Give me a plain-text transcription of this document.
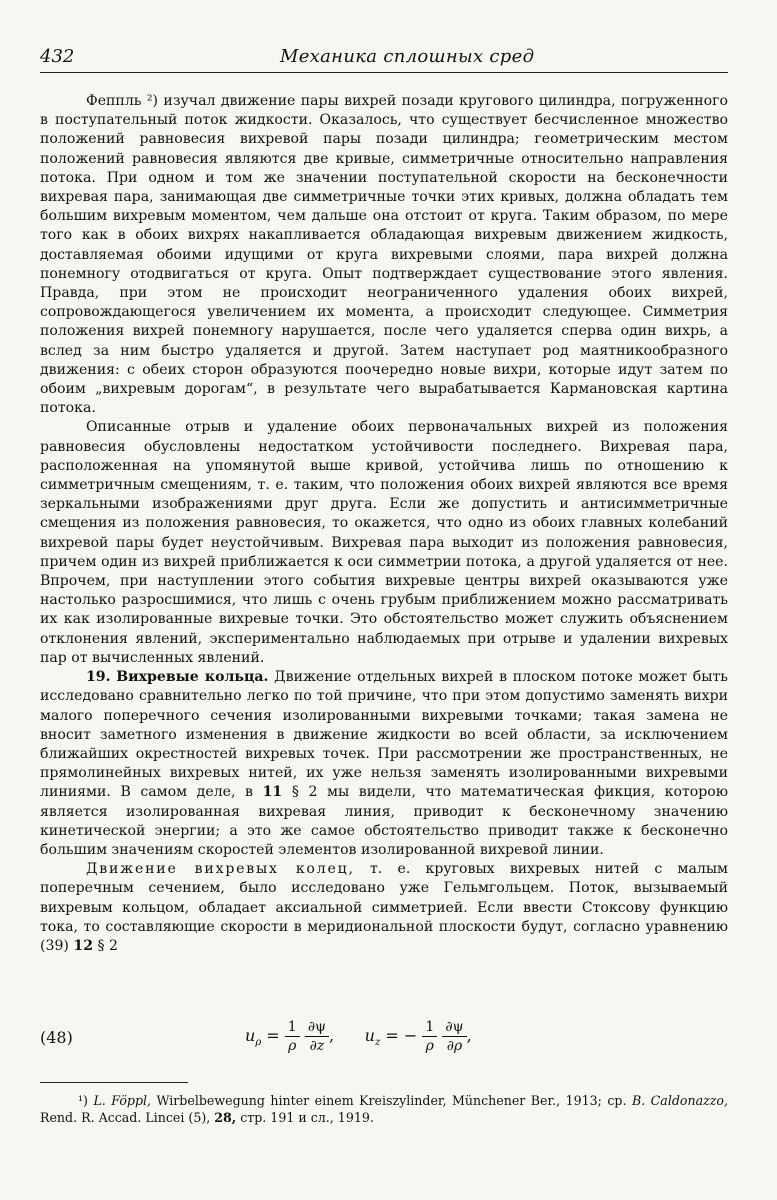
432	Механика сплошных сред

Феппль ²) изучал движение пары вихрей позади кругового цилиндра, погруженного в поступательный поток жидкости. Оказалось, что существует бесчисленное множество положений равновесия вихревой пары позади цилиндра; геометрическим местом положений равновесия являются две кривые, симметричные относительно направления потока. При одном и том же значении поступательной скорости на бесконечности вихревая пара, занимающая две симметричные точки этих кривых, должна обладать тем большим вихревым моментом, чем дальше она отстоит от круга. Таким образом, по мере того как в обоих вихрях накапливается обладающая вихревым движением жидкость, доставляемая обоими идущими от круга вихревыми слоями, пара вихрей должна понемногу отодвигаться от круга. Опыт подтверждает существование этого явления. Правда, при этом не происходит неограниченного удаления обоих вихрей, сопровождающегося увеличением их момента, а происходит следующее. Симметрия положения вихрей понемногу нарушается, после чего удаляется сперва один вихрь, а вслед за ним быстро удаляется и другой. Затем наступает род маятникообразного движения: с обеих сторон образуются поочередно новые вихри, которые идут затем по обоим „вихревым дорогам“, в результате чего вырабатывается Кармановская картина потока.

Описанные отрыв и удаление обоих первоначальных вихрей из положения равновесия обусловлены недостатком устойчивости последнего. Вихревая пара, расположенная на упомянутой выше кривой, устойчива лишь по отношению к симметричным смещениям, т. е. таким, что положения обоих вихрей являются все время зеркальными изображениями друг друга. Если же допустить и антисимметричные смещения из положения равновесия, то окажется, что одно из обоих главных колебаний вихревой пары будет неустойчивым. Вихревая пара выходит из положения равновесия, причем один из вихрей приближается к оси симметрии потока, а другой удаляется от нее. Впрочем, при наступлении этого события вихревые центры вихрей оказываются уже настолько разросшимися, что лишь с очень грубым приближением можно рассматривать их как изолированные вихревые точки. Это обстоятельство может служить объяснением отклонения явлений, экспериментально наблюдаемых при отрыве и удалении вихревых пар от вычисленных явлений.

19. Вихревые кольца. Движение отдельных вихрей в плоском потоке может быть исследовано сравнительно легко по той причине, что при этом допустимо заменять вихри малого поперечного сечения изолированными вихревыми точками; такая замена не вносит заметного изменения в движение жидкости во всей области, за исключением ближайших окрестностей вихревых точек. При рассмотрении же пространственных, не прямолинейных вихревых нитей, их уже нельзя заменять изолированными вихревыми линиями. В самом деле, в 11 § 2 мы видели, что математическая фикция, которою является изолированная вихревая линия, приводит к бесконечному значению кинетической энергии; а это же самое обстоятельство приводит также к бесконечно большим значениям скоростей элементов изолированной вихревой линии.

Движение вихревых колец, т. е. круговых вихревых нитей с малым поперечным сечением, было исследовано уже Гельмгольцем. Поток, вызываемый вихревым кольцом, обладает аксиальной симметрией. Если ввести Стоксову функцию тока, то составляющие скорости в меридиональной плоскости будут, согласно уравнению (39) 12 § 2

(48)	$u_\rho = \frac{1}{\rho}$
$\frac{\partial\psi}{\partial z}$ , $u_z$ = − $\frac{1}{\rho}$
$\frac{\partial\psi}{\partial\rho}$ ,

¹) L. Föppl, Wirbelbewegung hinter einem Kreiszylinder, Münchener Ber., 1913; ср. B. Caldonazzo, Rend. R. Accad. Lincei (5), 28, стр. 191 и сл., 1919.
